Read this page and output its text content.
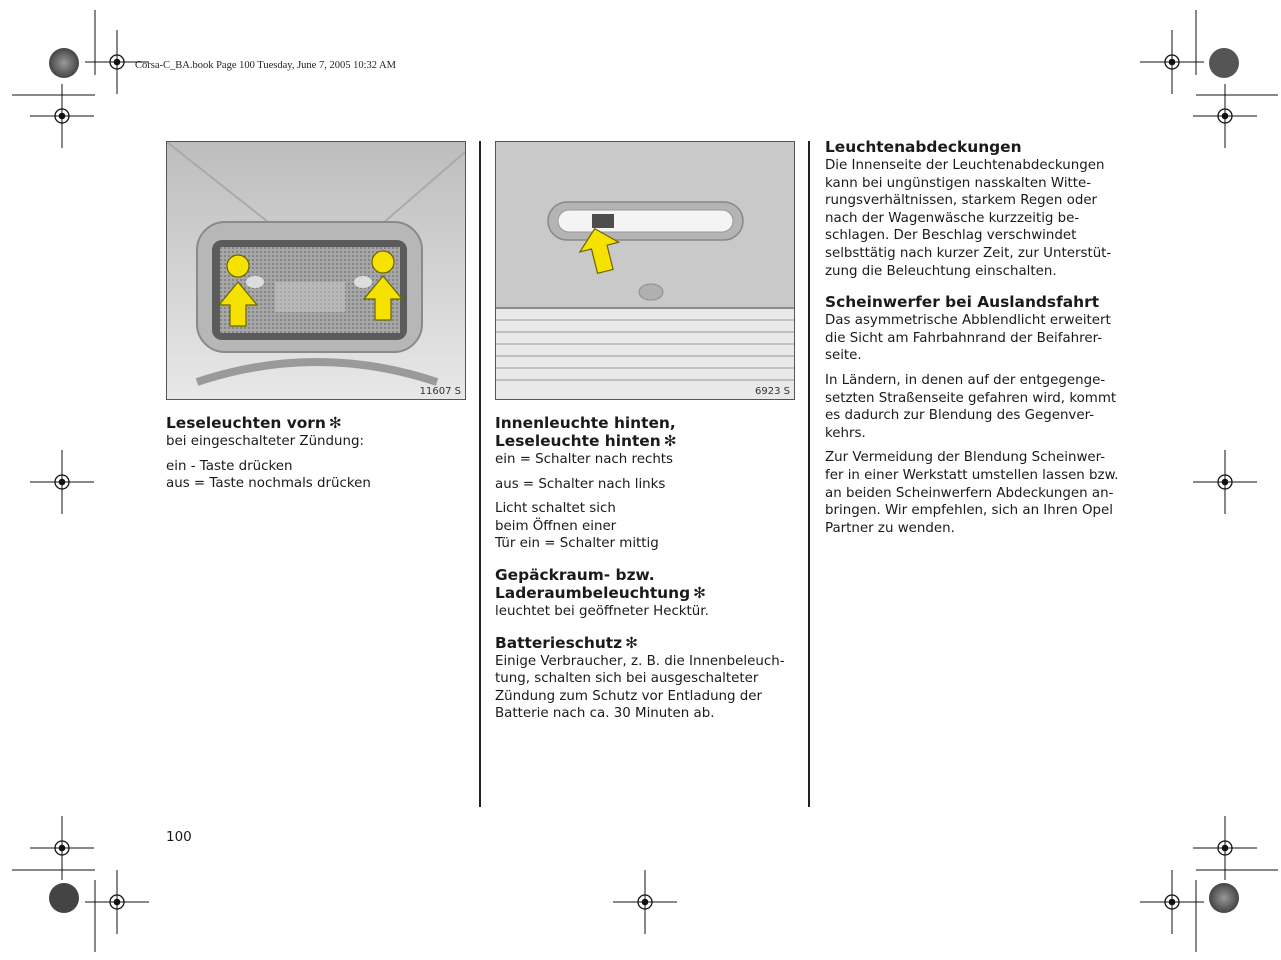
Corsa-C_BA.book Page 100 Tuesday, June 7, 2005 10:32 AM
11607 S	6923 S
Leseleuchten vorn ✻

bei eingeschalteter Zündung:

ein - Taste drücken
aus = Taste nochmals drücken

Innenleuchte hinten,
Leseleuchte hinten ✻

ein = Schalter nach rechts

aus = Schalter nach links

Licht schaltet sich
beim Öffnen einer
Tür ein = Schalter mittig

Gepäckraum- bzw.
Laderaumbeleuchtung ✻

leuchtet bei geöffneter Hecktür.

Batterieschutz ✻

Einige Verbraucher, z. B. die Innenbeleuch-
tung, schalten sich bei ausgeschalteter
Zündung zum Schutz vor Entladung der
Batterie nach ca. 30 Minuten ab.

Leuchtenabdeckungen

Die Innenseite der Leuchtenabdeckungen
kann bei ungünstigen nasskalten Witte-
rungsverhältnissen, starkem Regen oder
nach der Wagenwäsche kurzzeitig be-
schlagen. Der Beschlag verschwindet
selbsttätig nach kurzer Zeit, zur Unterstüt-
zung die Beleuchtung einschalten.

Scheinwerfer bei Auslandsfahrt

Das asymmetrische Abblendlicht erweitert
die Sicht am Fahrbahnrand der Beifahrer-
seite.

In Ländern, in denen auf der entgegenge-
setzten Straßenseite gefahren wird, kommt
es dadurch zur Blendung des Gegenver-
kehrs.

Zur Vermeidung der Blendung Scheinwer-
fer in einer Werkstatt umstellen lassen bzw.
an beiden Scheinwerfern Abdeckungen an-
bringen. Wir empfehlen, sich an Ihren Opel
Partner zu wenden.

100
